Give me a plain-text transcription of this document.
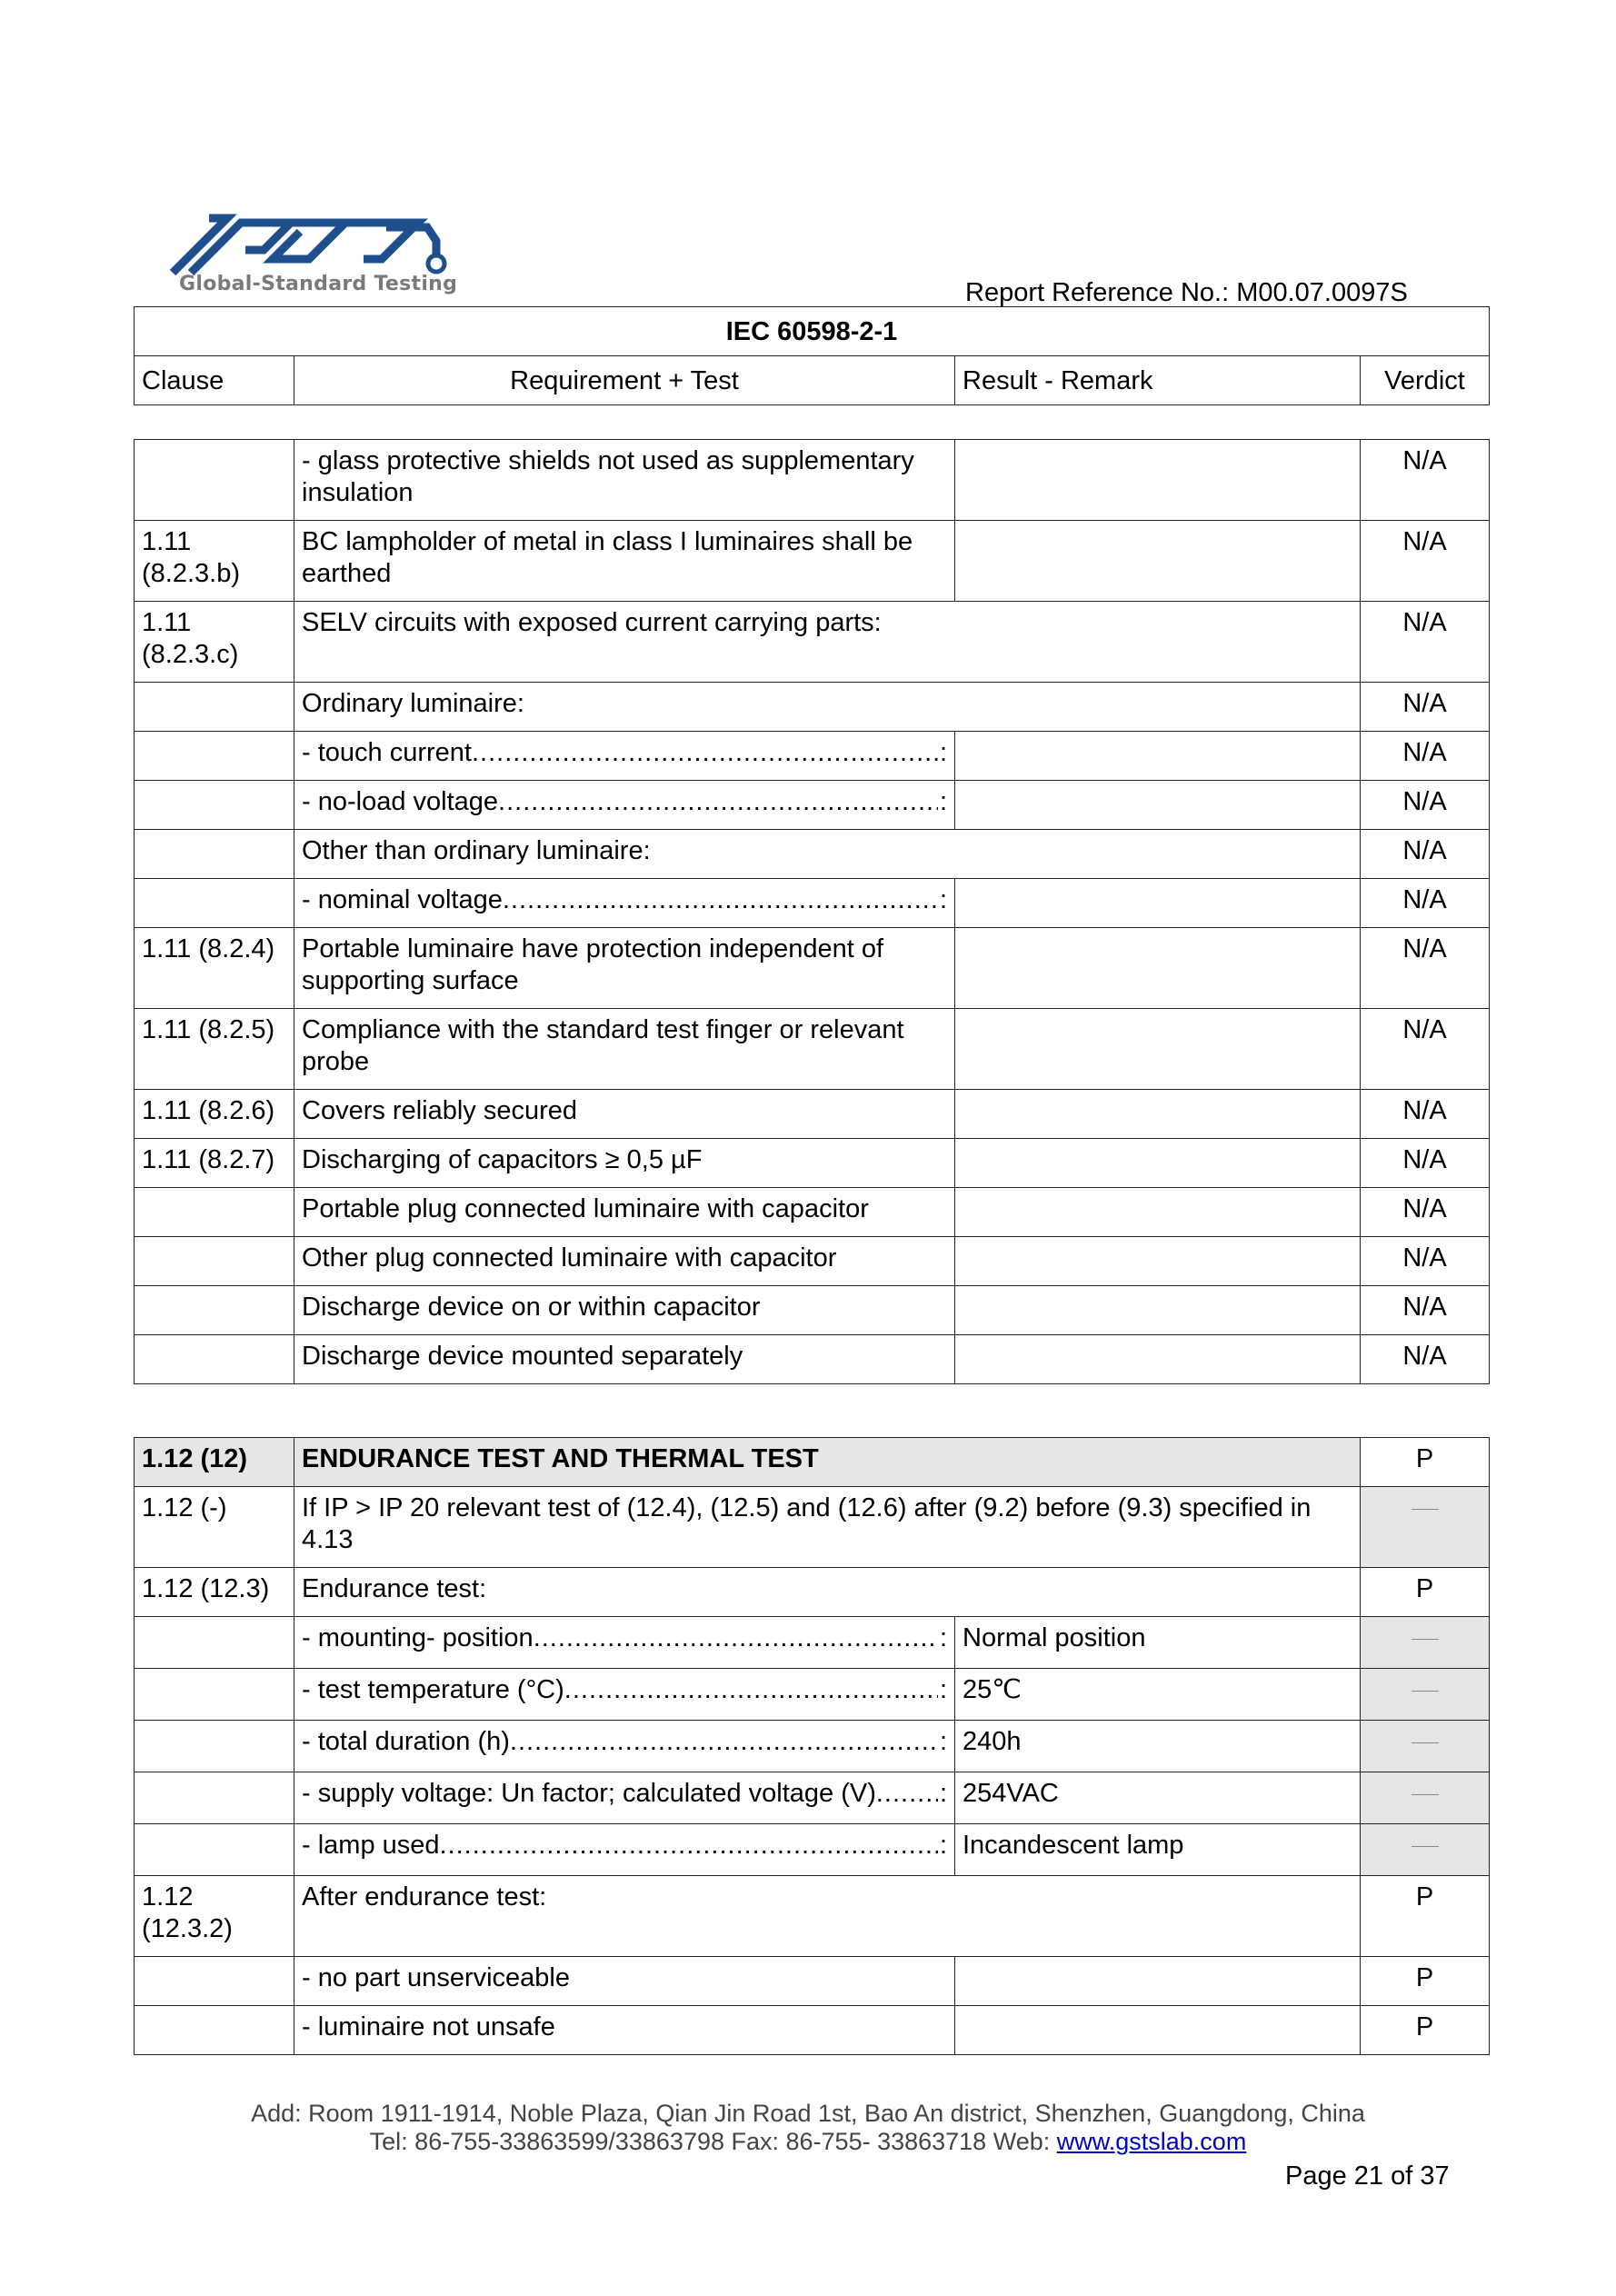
Global-Standard Testing	Report Reference No.: M00.07.0097S
IEC 60598-2-1
Clause	Requirement + Test	Result - Remark	Verdict
	- glass protective shields not used as supplementary insulation		N/A
1.11 (8.2.3.b)	BC lampholder of metal in class I luminaires shall be earthed		N/A
1.11 (8.2.3.c)	SELV circuits with exposed current carrying parts:		N/A
	Ordinary luminaire:		N/A

	- touch current ..... :		N/A

	- no-load voltage ..... :		N/A
	Other than ordinary luminaire:		N/A

	- nominal voltage ..... :		N/A
1.11 (8.2.4)	Portable luminaire have protection independent of supporting surface		N/A
1.11 (8.2.5)	Compliance with the standard test finger or relevant probe		N/A
1.11 (8.2.6)	Covers reliably secured		N/A
1.11 (8.2.7)	Discharging of capacitors ≥ 0,5 µF		N/A
	Portable plug connected luminaire with capacitor		N/A
	Other plug connected luminaire with capacitor		N/A
	Discharge device on or within capacitor		N/A
	Discharge device mounted separately		N/A
1.12 (12)	ENDURANCE TEST AND THERMAL TEST		P
1.12 (-)	If IP > IP 20 relevant test of (12.4), (12.5) and (12.6) after (9.2) before (9.3) specified in 4.13		
1.12 (12.3)	Endurance test:		P

	- mounting- position ..... :	Normal position	

	- test temperature (°C) ..... :	25℃	

	- total duration (h) ..... :	240h	

	- supply voltage: Un factor; calculated voltage (V) ..... :	254VAC	

	- lamp used ..... :	Incandescent lamp	
1.12 (12.3.2)	After endurance test:		P
	- no part unserviceable		P
	- luminaire not unsafe		P
Add: Room 1911-1914, Noble Plaza, Qian Jin Road 1st, Bao An district, Shenzhen, Guangdong, China
Tel: 86-755-33863599/33863798 Fax: 86-755- 33863718 Web: www.gstslab.com
Page 21 of 37
